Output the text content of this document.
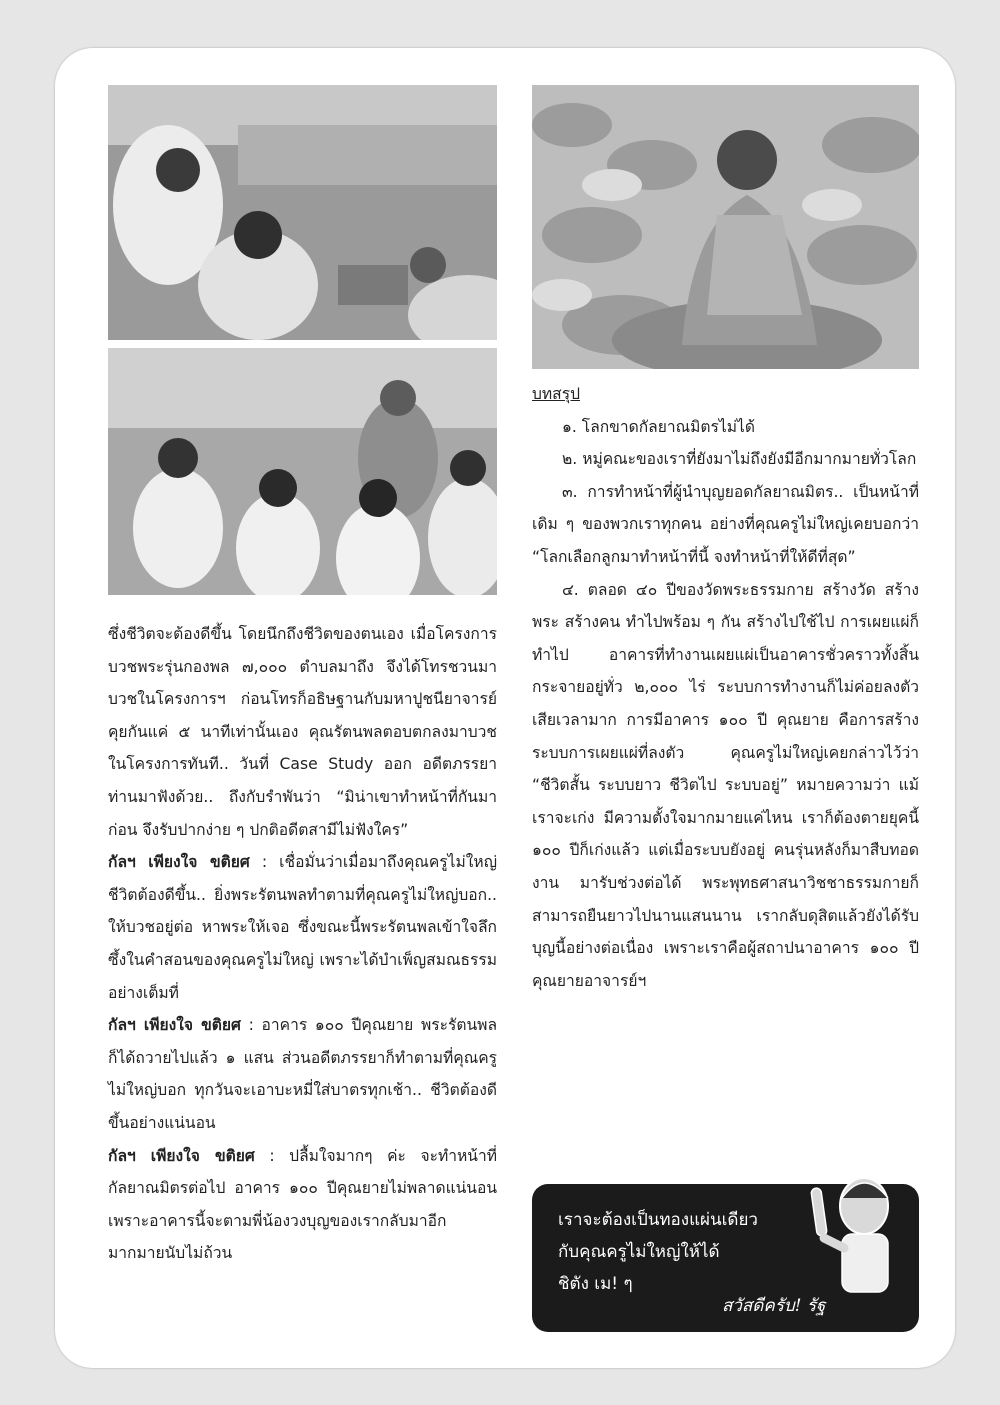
ซึ่งชีวิตจะต้องดีขึ้น โดยนึกถึงชีวิตของตนเอง เมื่อโครงการบวชพระรุ่นกองพล ๗,๐๐๐ ตำบลมาถึง จึงได้โทรชวนมาบวชในโครงการฯ ก่อนโทรก็อธิษฐานกับมหาปูชนียาจารย์ คุยกันแค่ ๕ นาทีเท่านั้นเอง คุณรัตนพลตอบตกลงมาบวชในโครงการทันที.. วันที่ Case Study ออก อดีตภรรยาท่านมาฟังด้วย.. ถึงกับรำพันว่า “มิน่าเขาทำหน้าที่กันมาก่อน จึงรับปากง่าย ๆ ปกติอดีตสามีไม่ฟังใคร”

กัลฯ เพียงใจ ขติยศ : เชื่อมั่นว่าเมื่อมาถึงคุณครูไม่ใหญ่ชีวิตต้องดีขึ้น.. ยิ่งพระรัตนพลทำตามที่คุณครูไม่ใหญ่บอก.. ให้บวชอยู่ต่อ หาพระให้เจอ ซึ่งขณะนี้พระรัตนพลเข้าใจลึกซึ้งในคำสอนของคุณครูไม่ใหญ่ เพราะได้บำเพ็ญสมณธรรมอย่างเต็มที่

กัลฯ เพียงใจ ขติยศ : อาคาร ๑๐๐ ปีคุณยาย พระรัตนพลก็ได้ถวายไปแล้ว ๑ แสน ส่วนอดีตภรรยาก็ทำตามที่คุณครูไม่ใหญ่บอก ทุกวันจะเอาบะหมี่ใส่บาตรทุกเช้า.. ชีวิตต้องดีขึ้นอย่างแน่นอน

กัลฯ เพียงใจ ขติยศ : ปลื้มใจมากๆ ค่ะ จะทำหน้าที่กัลยาณมิตรต่อไป อาคาร ๑๐๐ ปีคุณยายไม่พลาดแน่นอน เพราะอาคารนี้จะตามพี่น้องวงบุญของเรากลับมาอีกมากมายนับไม่ถ้วน

บทสรุป

๑. โลกขาดกัลยาณมิตรไม่ได้

๒. หมู่คณะของเราที่ยังมาไม่ถึงยังมีอีกมากมายทั่วโลก

๓. การทำหน้าที่ผู้นำบุญยอดกัลยาณมิตร.. เป็นหน้าที่เดิม ๆ ของพวกเราทุกคน อย่างที่คุณครูไม่ใหญ่เคยบอกว่า “โลกเลือกลูกมาทำหน้าที่นี้ จงทำหน้าที่ให้ดีที่สุด”

๔. ตลอด ๔๐ ปีของวัดพระธรรมกาย สร้างวัด สร้างพระ สร้างคน ทำไปพร้อม ๆ กัน สร้างไปใช้ไป การเผยแผ่ก็ทำไป อาคารที่ทำงานเผยแผ่เป็นอาคารชั่วคราวทั้งสิ้นกระจายอยู่ทั่ว ๒,๐๐๐ ไร่ ระบบการทำงานก็ไม่ค่อยลงตัว เสียเวลามาก การมีอาคาร ๑๐๐ ปี คุณยาย คือการสร้างระบบการเผยแผ่ที่ลงตัว คุณครูไม่ใหญ่เคยกล่าวไว้ว่า “ชีวิตสั้น ระบบยาว ชีวิตไป ระบบอยู่” หมายความว่า แม้เราจะเก่ง มีความตั้งใจมากมายแค่ไหน เราก็ต้องตายยุคนี้ ๑๐๐ ปีก็เก่งแล้ว แต่เมื่อระบบยังอยู่ คนรุ่นหลังก็มาสืบทอดงาน มารับช่วงต่อได้ พระพุทธศาสนาวิชชาธรรมกายก็สามารถยืนยาวไปนานแสนนาน เรากลับดุสิตแล้วยังได้รับบุญนี้อย่างต่อเนื่อง เพราะเราคือผู้สถาปนาอาคาร ๑๐๐ ปี คุณยายอาจารย์ฯ

เราจะต้องเป็นทองแผ่นเดียว
กับคุณครูไม่ใหญ่ให้ได้
ชิตัง เม! ๆ
สวัสดีครับ! รัฐ
